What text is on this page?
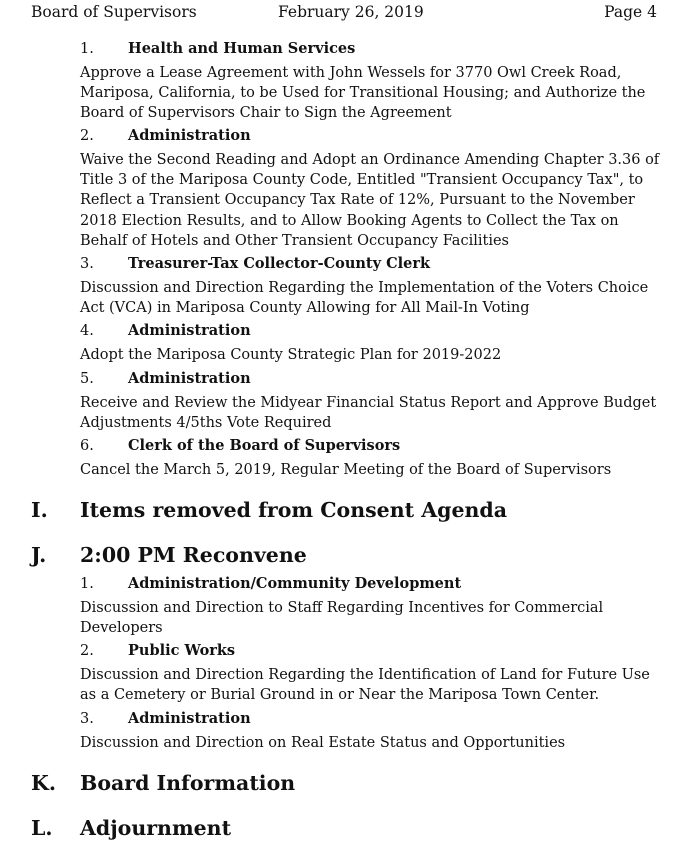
Board of Supervisors	February 26, 2019	Page 4
1. Health and Human Services
Approve a Lease Agreement with John Wessels for 3770 Owl Creek Road, Mariposa, California, to be Used for Transitional Housing; and Authorize the Board of Supervisors Chair to Sign the Agreement
2. Administration
Waive the Second Reading and Adopt an Ordinance Amending Chapter 3.36 of Title 3 of the Mariposa County Code, Entitled "Transient Occupancy Tax", to Reflect a Transient Occupancy Tax Rate of 12%, Pursuant to the November 2018 Election Results, and to Allow Booking Agents to Collect the Tax on Behalf of Hotels and Other Transient Occupancy Facilities
3. Treasurer-Tax Collector-County Clerk
Discussion and Direction Regarding the Implementation of the Voters Choice Act (VCA) in Mariposa County Allowing for All Mail-In Voting
4. Administration
Adopt the Mariposa County Strategic Plan for 2019-2022
5. Administration
Receive and Review the Midyear Financial Status Report and Approve Budget Adjustments 4/5ths Vote Required
6. Clerk of the Board of Supervisors
Cancel the March 5, 2019, Regular Meeting of the Board of Supervisors
I. Items removed from Consent Agenda
J. 2:00 PM Reconvene
1. Administration/Community Development
Discussion and Direction to Staff Regarding Incentives for Commercial Developers
2. Public Works
Discussion and Direction Regarding the Identification of Land for Future Use as a Cemetery or Burial Ground in or Near the Mariposa Town Center.
3. Administration
Discussion and Direction on Real Estate Status and Opportunities
K. Board Information
L. Adjournment
